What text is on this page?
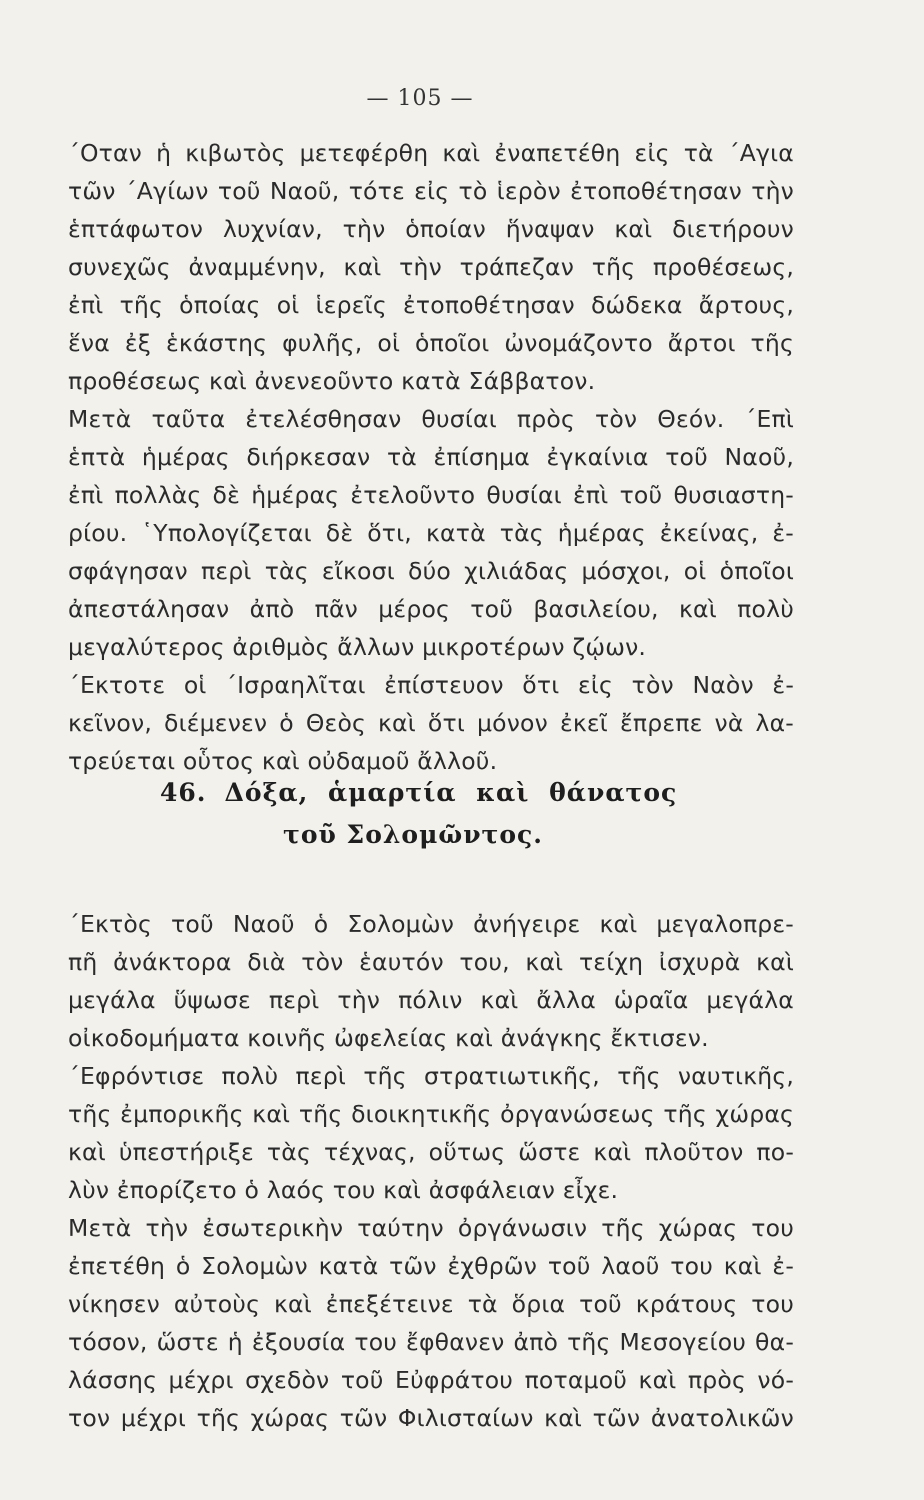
— 105 —
΄Οταν ἡ κιβωτὸς μετεφέρθη καὶ ἐναπετέθη εἰς τὰ ΄Αγια
τῶν ΄Αγίων τοῦ Ναοῦ, τότε εἰς τὸ ἱερὸν ἐτοποθέτησαν τὴν
ἑπτάφωτον λυχνίαν, τὴν ὁποίαν ἥναψαν καὶ διετήρουν
συνεχῶς ἀναμμένην, καὶ τὴν τράπεζαν τῆς προθέσεως,
ἐπὶ τῆς ὁποίας οἱ ἱερεῖς ἐτοποθέτησαν δώδεκα ἄρτους,
ἕνα ἐξ ἑκάστης φυλῆς, οἱ ὁποῖοι ὠνομάζοντο ἄρτοι τῆς
προθέσεως καὶ ἀνενεοῦντο κατὰ Σάββατον.
Μετὰ ταῦτα ἐτελέσθησαν θυσίαι πρὸς τὸν Θεόν. ΄Επὶ
ἑπτὰ ἡμέρας διήρκεσαν τὰ ἐπίσημα ἐγκαίνια τοῦ Ναοῦ,
ἐπὶ πολλὰς δὲ ἡμέρας ἐτελοῦντο θυσίαι ἐπὶ τοῦ θυσιαστη-
ρίου. ῾Υπολογίζεται δὲ ὅτι, κατὰ τὰς ἡμέρας ἐκείνας, ἐ-
σφάγησαν περὶ τὰς εἴκοσι δύο χιλιάδας μόσχοι, οἱ ὁποῖοι
ἀπεστάλησαν ἀπὸ πᾶν μέρος τοῦ βασιλείου, καὶ πολὺ
μεγαλύτερος ἀριθμὸς ἄλλων μικροτέρων ζῴων.
΄Εκτοτε οἱ ΄Ισραηλῖται ἐπίστευον ὅτι εἰς τὸν Ναὸν ἐ-
κεῖνον, διέμενεν ὁ Θεὸς καὶ ὅτι μόνον ἐκεῖ ἔπρεπε νὰ λα-
τρεύεται οὗτος καὶ οὐδαμοῦ ἄλλοῦ.
46. Δόξα, ἁμαρτία καὶ θάνατος
τοῦ Σολομῶντος.
΄Εκτὸς τοῦ Ναοῦ ὁ Σολομὼν ἀνήγειρε καὶ μεγαλοπρε-
πῆ ἀνάκτορα διὰ τὸν ἑαυτόν του, καὶ τείχη ἰσχυρὰ καὶ
μεγάλα ὕψωσε περὶ τὴν πόλιν καὶ ἄλλα ὡραῖα μεγάλα
οἰκοδομήματα κοινῆς ὠφελείας καὶ ἀνάγκης ἔκτισεν.
΄Εφρόντισε πολὺ περὶ τῆς στρατιωτικῆς, τῆς ναυτικῆς,
τῆς ἐμπορικῆς καὶ τῆς διοικητικῆς ὀργανώσεως τῆς χώρας
καὶ ὑπεστήριξε τὰς τέχνας, οὕτως ὥστε καὶ πλοῦτον πο-
λὺν ἐπορίζετο ὁ λαός του καὶ ἀσφάλειαν εἶχε.
Μετὰ τὴν ἐσωτερικὴν ταύτην ὀργάνωσιν τῆς χώρας του
ἐπετέθη ὁ Σολομὼν κατὰ τῶν ἐχθρῶν τοῦ λαοῦ του καὶ ἐ-
νίκησεν αὐτοὺς καὶ ἐπεξέτεινε τὰ ὅρια τοῦ κράτους του
τόσον, ὥστε ἡ ἐξουσία του ἔφθανεν ἀπὸ τῆς Μεσογείου θα-
λάσσης μέχρι σχεδὸν τοῦ Εὐφράτου ποταμοῦ καὶ πρὸς νό-
τον μέχρι τῆς χώρας τῶν Φιλισταίων καὶ τῶν ἀνατολικῶν
